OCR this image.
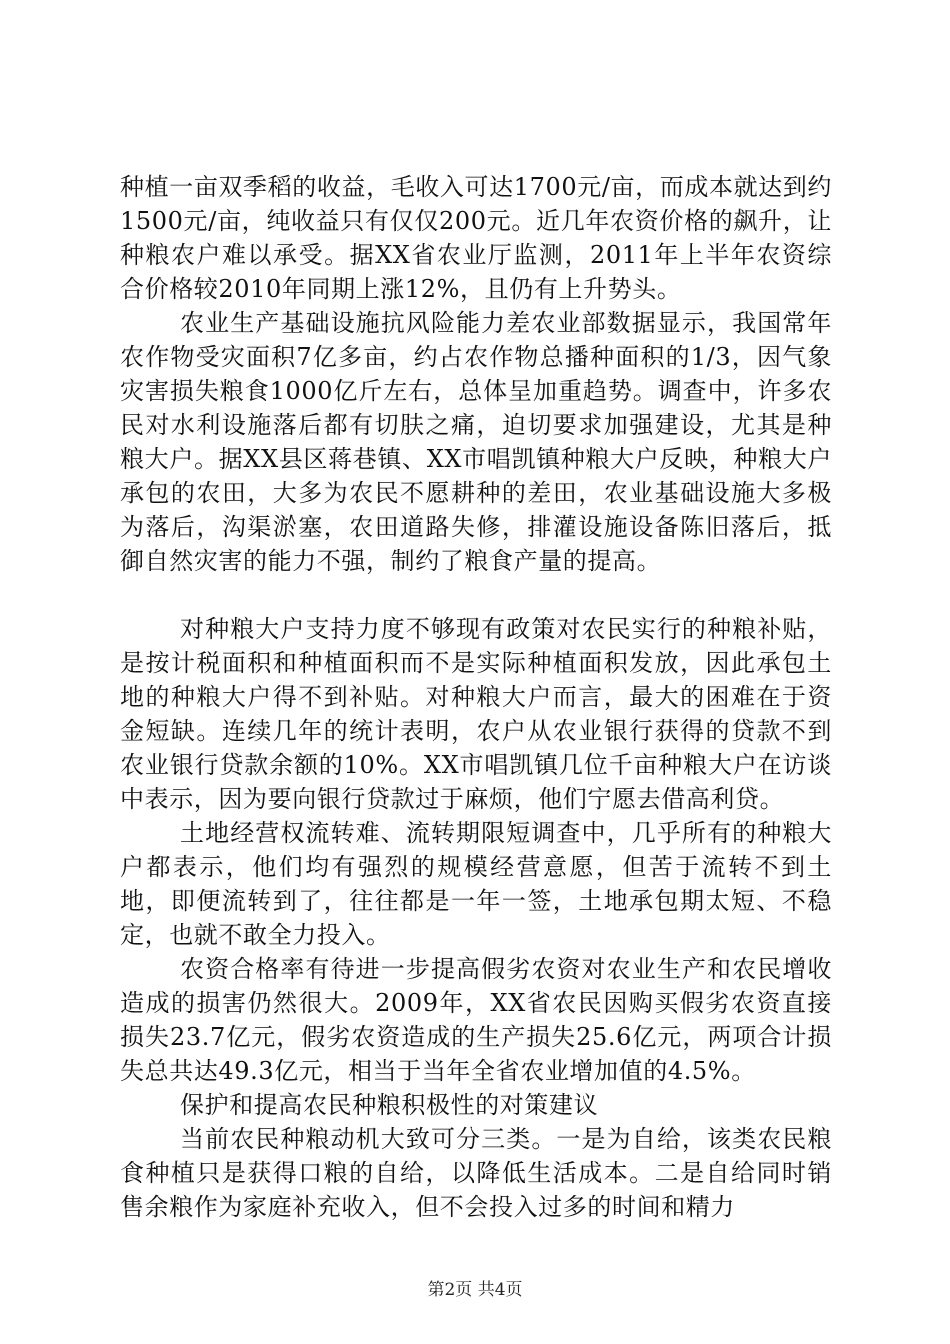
种植一亩双季稻的收益，毛收入可达1700元/亩，而成本就达到约1500元/亩，纯收益只有仅仅200元。近几年农资价格的飙升，让种粮农户难以承受。据XX省农业厅监测，2011年上半年农资综合价格较2010年同期上涨12%，且仍有上升势头。

农业生产基础设施抗风险能力差农业部数据显示，我国常年农作物受灾面积7亿多亩，约占农作物总播种面积的1/3，因气象灾害损失粮食1000亿斤左右，总体呈加重趋势。调查中，许多农民对水利设施落后都有切肤之痛，迫切要求加强建设，尤其是种粮大户。据XX县区蒋巷镇、XX市唱凯镇种粮大户反映，种粮大户承包的农田，大多为农民不愿耕种的差田，农业基础设施大多极为落后，沟渠淤塞，农田道路失修，排灌设施设备陈旧落后，抵御自然灾害的能力不强，制约了粮食产量的提高。

对种粮大户支持力度不够现有政策对农民实行的种粮补贴，是按计税面积和种植面积而不是实际种植面积发放，因此承包土地的种粮大户得不到补贴。对种粮大户而言，最大的困难在于资金短缺。连续几年的统计表明，农户从农业银行获得的贷款不到农业银行贷款余额的10%。XX市唱凯镇几位千亩种粮大户在访谈中表示，因为要向银行贷款过于麻烦，他们宁愿去借高利贷。

土地经营权流转难、流转期限短调查中，几乎所有的种粮大户都表示，他们均有强烈的规模经营意愿，但苦于流转不到土地，即便流转到了，往往都是一年一签，土地承包期太短、不稳定，也就不敢全力投入。

农资合格率有待进一步提高假劣农资对农业生产和农民增收造成的损害仍然很大。2009年，XX省农民因购买假劣农资直接损失23.7亿元，假劣农资造成的生产损失25.6亿元，两项合计损失总共达49.3亿元，相当于当年全省农业增加值的4.5%。

保护和提高农民种粮积极性的对策建议

当前农民种粮动机大致可分三类。一是为自给，该类农民粮食种植只是获得口粮的自给，以降低生活成本。二是自给同时销售余粮作为家庭补充收入，但不会投入过多的时间和精力

第2页 共4页
